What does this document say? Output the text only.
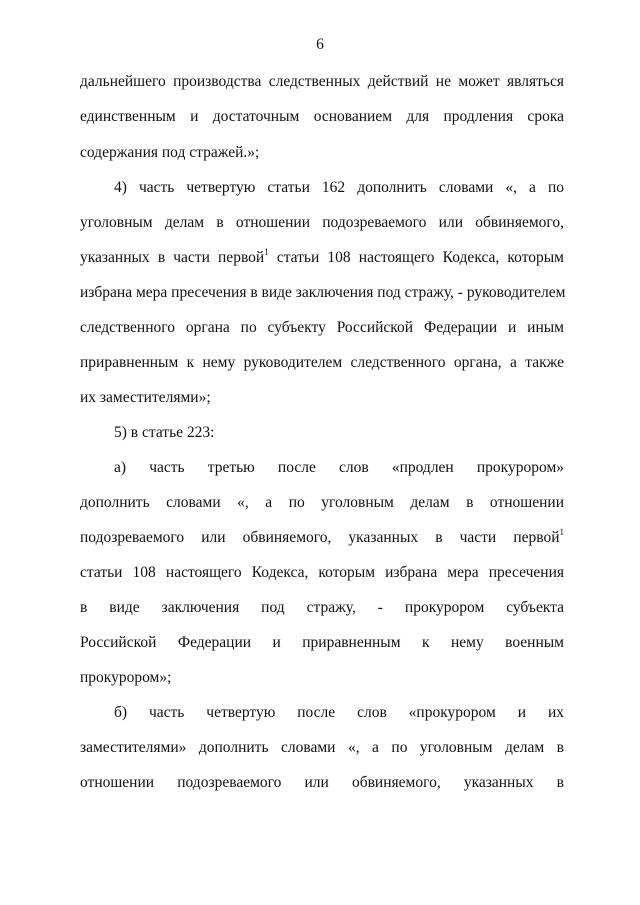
6
дальнейшего производства следственных действий не может являться
единственным и достаточным основанием для продления срока
содержания под стражей.»;
4) часть четвертую статьи 162 дополнить словами «, а по
уголовным делам в отношении подозреваемого или обвиняемого,
указанных в части первой$^1$ статьи 108 настоящего Кодекса, которым
избрана мера пресечения в виде заключения под стражу, - руководителем
следственного органа по субъекту Российской Федерации и иным
приравненным к нему руководителем следственного органа, а также
их заместителями»;
5) в статье 223:
а) часть третью после слов «продлен прокурором»
дополнить словами «, а по уголовным делам в отношении
подозреваемого или обвиняемого, указанных в части первой$^1$
статьи 108 настоящего Кодекса, которым избрана мера пресечения
в виде заключения под стражу, - прокурором субъекта
Российской Федерации и приравненным к нему военным
прокурором»;
б) часть четвертую после слов «прокурором и их
заместителями» дополнить словами «, а по уголовным делам в
отношении подозреваемого или обвиняемого, указанных в
